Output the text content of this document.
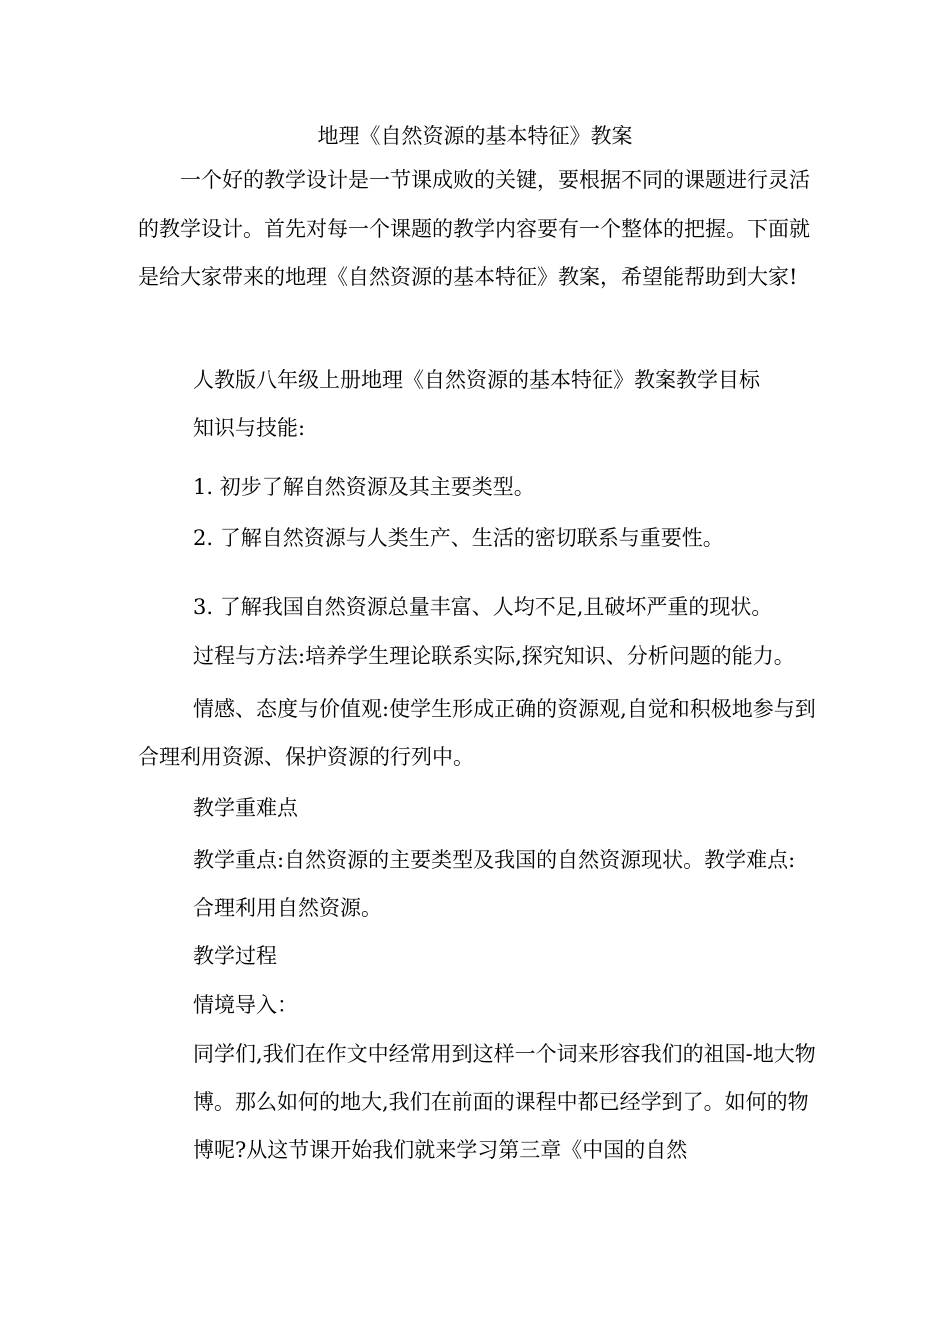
地理《自然资源的基本特征》教案

一个好的教学设计是一节课成败的关键，要根据不同的课题进行灵活的教学设计。首先对每一个课题的教学内容要有一个整体的把握。下面就是给大家带来的地理《自然资源的基本特征》教案，希望能帮助到大家!

人教版八年级上册地理《自然资源的基本特征》教案教学目标
知识与技能:
1. 初步了解自然资源及其主要类型。
2. 了解自然资源与人类生产、生活的密切联系与重要性。
3. 了解我国自然资源总量丰富、人均不足,且破坏严重的现状。
过程与方法:培养学生理论联系实际,探究知识、分析问题的能力。

情感、态度与价值观:使学生形成正确的资源观,自觉和积极地参与到合理利用资源、保护资源的行列中。

教学重难点

教学重点:自然资源的主要类型及我国的自然资源现状。教学难点:合理利用自然资源。

教学过程
情境导入：

同学们,我们在作文中经常用到这样一个词来形容我们的祖国-地大物博。那么如何的地大,我们在前面的课程中都已经学到了。如何的物博呢?从这节课开始我们就来学习第三章《中国的自然
